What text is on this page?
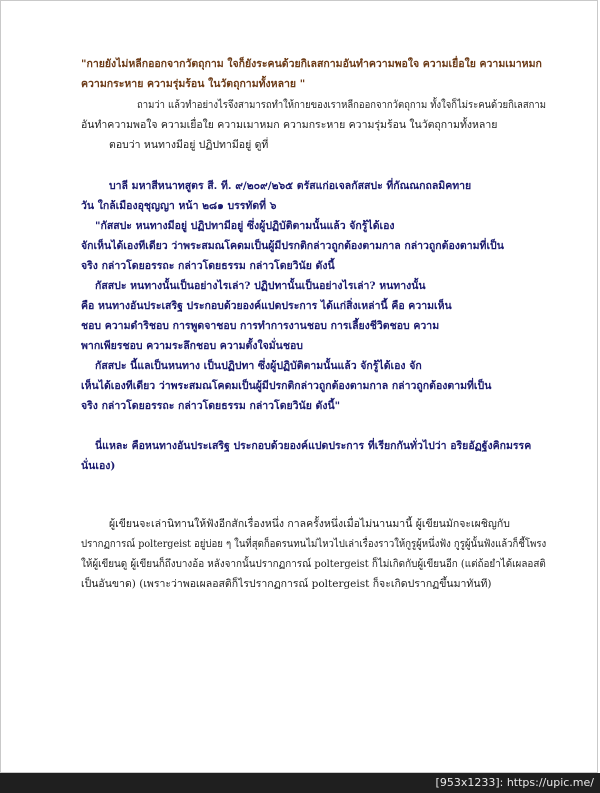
"กายยังไม่หลีกออกจากวัตถุกาม ใจก็ยังระคนด้วยกิเลสกามอันทำความพอใจ ความเยื่อใย ความเมาหมก
ความกระหาย ความรุ่มร้อน ในวัตถุกามทั้งหลาย "
ถามว่า แล้วทำอย่างไรจึงสามารถทำให้กายของเราหลีกออกจากวัตถุกาม ทั้งใจก็ไม่ระคนด้วยกิเลสกาม
อันทำความพอใจ ความเยื่อใย ความเมาหมก ความกระหาย ความรุ่มร้อน ในวัตถุกามทั้งหลาย
ตอบว่า หนทางมีอยู่ ปฏิปทามีอยู่ ดูที่
บาลี มหาสีหนาทสูตร สี. ที. ๙/๒๐๙/๒๖๕ ตรัสแก่อเจลกัสสปะ ที่กัณณกถลมิคทาย
วัน ใกล้เมืองอุชุญญา หน้า ๒๘๑ บรรทัดที่ ๖
"กัสสปะ หนทางมีอยู่ ปฏิปทามีอยู่ ซึ่งผู้ปฏิบัติตามนั้นแล้ว จักรู้ได้เอง
จักเห็นได้เองทีเดียว ว่าพระสมณโคดมเป็นผู้มีปรกติกล่าวถูกต้องตามกาล กล่าวถูกต้องตามที่เป็น
จริง กล่าวโดยอรรถะ กล่าวโดยธรรม กล่าวโดยวินัย ดังนี้
กัสสปะ หนทางนั้นเป็นอย่างไรเล่า? ปฏิปทานั้นเป็นอย่างไรเล่า? หนทางนั้น
คือ หนทางอันประเสริฐ ประกอบด้วยองค์แปดประการ ได้แก่สิ่งเหล่านี้ คือ ความเห็น
ชอบ ความดำริชอบ การพูดจาชอบ การทำการงานชอบ การเลี้ยงชีวิตชอบ ความ
พากเพียรชอบ ความระลึกชอบ ความตั้งใจมั่นชอบ
กัสสปะ นี้แลเป็นหนทาง เป็นปฏิปทา ซึ่งผู้ปฏิบัติตามนั้นแล้ว จักรู้ได้เอง จัก
เห็นได้เองทีเดียว ว่าพระสมณโคดมเป็นผู้มีปรกติกล่าวถูกต้องตามกาล กล่าวถูกต้องตามที่เป็น
จริง กล่าวโดยอรรถะ กล่าวโดยธรรม กล่าวโดยวินัย ดังนี้"
นี่แหละ คือหนทางอันประเสริฐ ประกอบด้วยองค์แปดประการ ที่เรียกกันทั่วไปว่า อริยอัฏฐังคิกมรรค
นั่นเอง)
ผู้เขียนจะเล่านิทานให้ฟังอีกสักเรื่องหนึ่ง กาลครั้งหนึ่งเมื่อไม่นานมานี้ ผู้เขียนมักจะเผชิญกับ
ปรากฏการณ์ poltergeist อยู่บ่อย ๆ ในที่สุดก็อดรนทนไม่ไหวไปเล่าเรื่องราวให้กูรูผู้หนึ่งฟัง กูรูผู้นั้นฟังแล้วก็ชี้โพรง
ให้ผู้เขียนดู ผู้เขียนก็ถึงบางอ้อ หลังจากนั้นปรากฏการณ์ poltergeist ก็ไม่เกิดกับผู้เขียนอีก (แต่ถ้อยำได้เผลอสติ
เป็นอันขาด) (เพราะว่าพอเผลอสติก็ไรปรากฏการณ์ poltergeist ก็จะเกิดปรากฏขึ้นมาทันที)
[953x1233]: https://upic.me/
